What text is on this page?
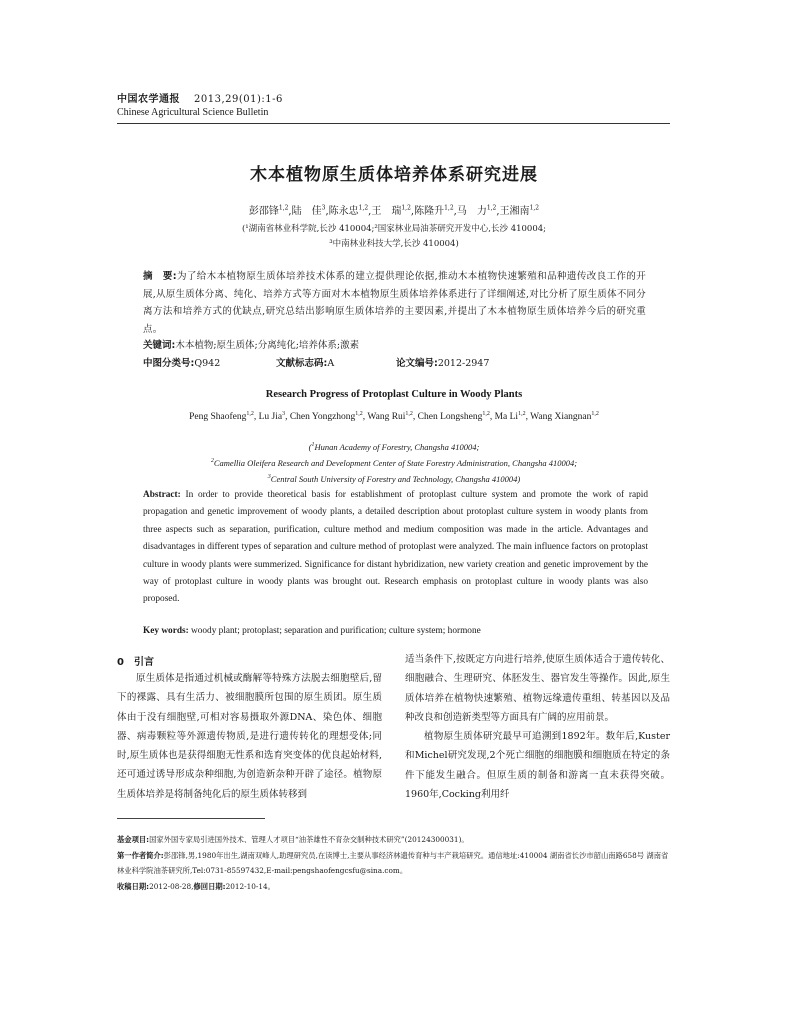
中国农学通报 2013,29(01):1-6
Chinese Agricultural Science Bulletin
木本植物原生质体培养体系研究进展
彭邵锋$^{1,2}$,陆　佳$^3$,陈永忠$^{1,2}$,王　瑞$^{1,2}$,陈隆升$^{1,2}$,马　力$^{1,2}$,王湘南$^{1,2}$
(¹湖南省林业科学院,长沙 410004;²国家林业局油茶研究开发中心,长沙 410004;
³中南林业科技大学,长沙 410004)
摘　要:为了给木本植物原生质体培养技术体系的建立提供理论依据,推动木本植物快速繁殖和品种遗传改良工作的开展,从原生质体分离、纯化、培养方式等方面对木本植物原生质体培养体系进行了详细阐述,对比分析了原生质体不同分离方法和培养方式的优缺点,研究总结出影响原生质体培养的主要因素,并提出了木本植物原生质体培养今后的研究重点。
关键词:木本植物;原生质体;分离纯化;培养体系;激素
中图分类号:Q942	文献标志码:A	论文编号:2012-2947
Research Progress of Protoplast Culture in Woody Plants
Peng Shaofeng$^{1,2}$, Lu Jia$^3$, Chen Yongzhong$^{1,2}$, Wang Rui$^{1,2}$, Chen Longsheng$^{1,2}$, Ma Li$^{1,2}$, Wang Xiangnan$^{1,2}$
($^1$Hunan Academy of Forestry, Changsha 410004;
$^2$Camellia Oleifera Research and Development Center of State Forestry Administration, Changsha 410004;
$^3$Central South University of Forestry and Technology, Changsha 410004)
Abstract: In order to provide theoretical basis for establishment of protoplast culture system and promote the work of rapid propagation and genetic improvement of woody plants, a detailed description about protoplast culture system in woody plants from three aspects such as separation, purification, culture method and medium composition was made in the article. Advantages and disadvantages in different types of separation and culture method of protoplast were analyzed. The main influence factors on protoplast culture in woody plants were summerized. Significance for distant hybridization, new variety creation and genetic improvement by the way of protoplast culture in woody plants was brought out. Research emphasis on protoplast culture in woody plants was also proposed.
Key words: woody plant; protoplast; separation and purification; culture system; hormone
0　引言

原生质体是指通过机械或酶解等特殊方法脱去细胞壁后,留下的裸露、具有生活力、被细胞膜所包围的原生质团。原生质体由于没有细胞壁,可相对容易摄取外源DNA、染色体、细胞器、病毒颗粒等外源遗传物质,是进行遗传转化的理想受体;同时,原生质体也是获得细胞无性系和选育突变体的优良起始材料,还可通过诱导形成杂种细胞,为创造新杂种开辟了途径。植物原生质体培养是将制备纯化后的原生质体转移到

适当条件下,按既定方向进行培养,使原生质体适合于遗传转化、细胞融合、生理研究、体胚发生、器官发生等操作。因此,原生质体培养在植物快速繁殖、植物远缘遗传重组、转基因以及品种改良和创造新类型等方面具有广阔的应用前景。

植物原生质体研究最早可追溯到1892年。数年后,Kuster和Michel研究发现,2个死亡细胞的细胞膜和细胞质在特定的条件下能发生融合。但原生质的制备和游离一直未获得突破。1960年,Cocking利用纤

基金项目:国家外国专家局引进国外技术、管理人才项目“油茶雄性不育杂交制种技术研究”(20124300031)。
第一作者简介:彭邵锋,男,1980年出生,湖南双峰人,助理研究员,在读博士,主要从事经济林遗传育种与丰产栽培研究。通信地址:410004 湖南省长沙市韶山南路658号 湖南省林业科学院油茶研究所,Tel:0731-85597432,E-mail:pengshaofengcsfu@sina.com。
收稿日期:2012-08-28,修回日期:2012-10-14。
